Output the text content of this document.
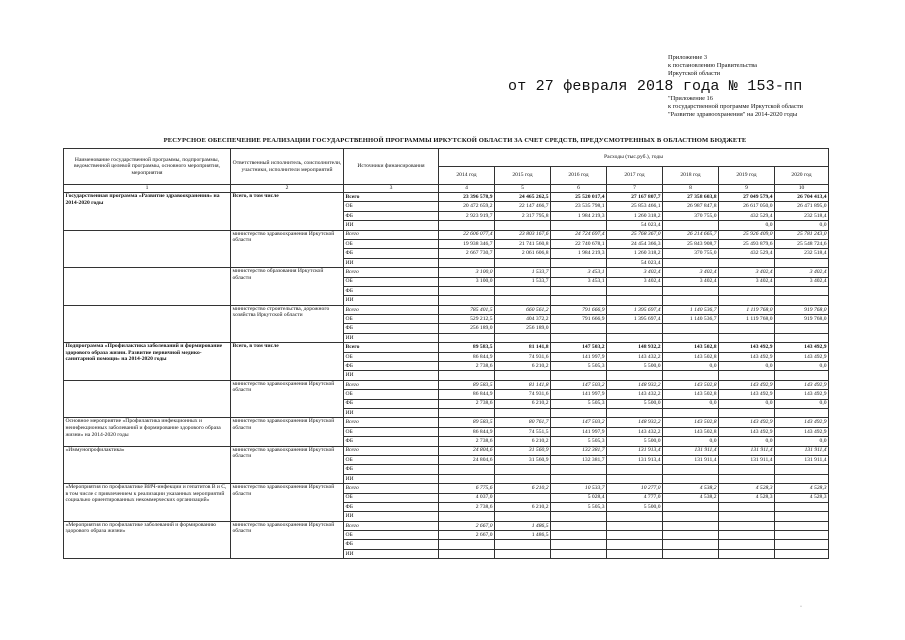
Приложение 3
к постановлению Правительства
Иркутской области
от 27 февраля 2018 года № 153-пп
"Приложение 16
к государственной программе Иркутской области
"Развитие здравоохранения" на 2014-2020 годы
РЕСУРСНОЕ ОБЕСПЕЧЕНИЕ РЕАЛИЗАЦИИ ГОСУДАРСТВЕННОЙ ПРОГРАММЫ ИРКУТСКОЙ ОБЛАСТИ ЗА СЧЕТ СРЕДСТВ, ПРЕДУСМОТРЕННЫХ В ОБЛАСТНОМ БЮДЖЕТЕ
Наименование государственной программы, подпрограммы, ведомственной целевой программы, основного мероприятия, мероприятия	Ответственный исполнитель, соисполнители, участники, исполнители мероприятий	Источники финансирования	Расходы (тыс.руб.), годы						
			2014 год	2015 год	2016 год	2017 год	2018 год	2019 год	2020 год
1	2	3	4	5	6	7	8	9	10
Государственная программа «Развитие здравоохранения» на 2014-2020 годы	Всего, в том числе	Всего	23 396 578,9	24 465 262,5	25 520 017,4	27 167 807,7	27 358 603,8	27 049 579,4	26 704 413,4
		ОБ	20 472 659,2	22 147 466,7	23 535 798,1	25 853 466,1	26 987 847,8	26 617 050,0	26 471 895,0
		ФБ	2 923 919,7	2 317 795,8	1 984 219,3	1 260 318,2	370 755,0	432 529,4	232 518,4
		ИИ				54 023,4		0,0	0,0
	министерство здравоохранения Иркутской области	Всего	22 606 077,4	23 803 167,6	24 724 697,4	25 768 367,0	26 214 665,7	25 926 409,0	25 781 243,0
		ОБ	19 938 346,7	21 741 560,8	22 740 678,1	24 454 366,3	25 843 908,7	25 493 879,6	25 548 724,6
		ФБ	2 667 730,7	2 061 606,8	1 984 219,3	1 260 318,2	370 755,0	432 529,4	232 518,4
		ИИ				54 023,4			
	министерство образования Иркутской области	Всего	3 100,0	1 533,7	3 453,1	3 402,4	3 402,4	3 402,4	3 402,4
		ОБ	3 100,0	1 533,7	3 453,1	3 402,4	3 402,4	3 402,4	3 402,4
		ФБ							
		ИИ							
	министерство строительства, дорожного хозяйства Иркутской области	Всего	785 401,5	660 561,2	791 666,9	1 395 697,4	1 140 536,7	1 119 768,0	919 768,0
		ОБ	529 212,5	404 372,2	791 666,9	1 395 697,4	1 140 536,7	1 119 768,0	919 768,0
		ФБ	256 189,0	256 189,0					
		ИИ							
Подпрограмма «Профилактика заболеваний и формирование здорового образа жизни. Развитие первичной медико-санитарной помощи» на 2014-2020 годы	Всего, в том числе	Всего	89 583,5	81 141,8	147 503,2	148 932,2	143 502,8	143 492,9	143 492,9
		ОБ	86 844,9	74 931,6	141 997,9	143 432,2	143 502,8	143 492,9	143 492,9
		ФБ	2 738,6	6 210,2	5 505,3	5 500,0	0,0	0,0	0,0
		ИИ							
	министерство здравоохранения Иркутской области	Всего	89 583,5	81 141,8	147 503,2	148 932,2	143 502,8	143 492,9	143 492,9
		ОБ	86 844,9	74 931,6	141 997,9	143 432,2	143 502,8	143 492,9	143 492,9
		ФБ	2 738,6	6 210,2	5 505,3	5 500,0	0,0	0,0	0,0
		ИИ							
Основное мероприятие «Профилактика инфекционных и неинфекционных заболеваний и формирование здорового образа жизни» на 2014-2020 годы	министерство здравоохранения Иркутской области	Всего	89 583,5	80 761,7	147 503,2	148 932,2	143 502,8	143 492,9	143 492,9
		ОБ	86 844,9	74 551,5	141 997,9	143 432,2	143 502,8	143 492,9	143 492,9
		ФБ	2 738,6	6 210,2	5 505,3	5 500,0	0,0	0,0	0,0
«Иммунопрофилактика»	министерство здравоохранения Иркутской области	Всего	24 804,6	31 560,9	132 381,7	131 913,4	131 911,4	131 911,4	131 911,4
		ОБ	24 804,6	31 560,9	132 381,7	131 913,4	131 911,4	131 911,4	131 911,4
		ФБ							
		ИИ							
«Мероприятия по профилактике ВИЧ-инфекции и гепатитов В и С, в том числе с привлечением к реализации указанных мероприятий социально ориентированных некоммерческих организаций»	министерство здравоохранения Иркутской области	Всего	6 775,6	6 210,2	10 533,7	10 277,0	4 538,2	4 528,3	4 528,3
		ОБ	4 037,0		5 028,4	4 777,0	4 538,2	4 528,3	4 528,3
		ФБ	2 738,6	6 210,2	5 505,3	5 500,0			
		ИИ							
«Мероприятия по профилактике заболеваний и формированию здорового образа жизни»	министерство здравоохранения Иркутской области	Всего	2 667,0	1 486,5					
		ОБ	2 667,0	1 486,5					
		ФБ							
		ИИ							
·
